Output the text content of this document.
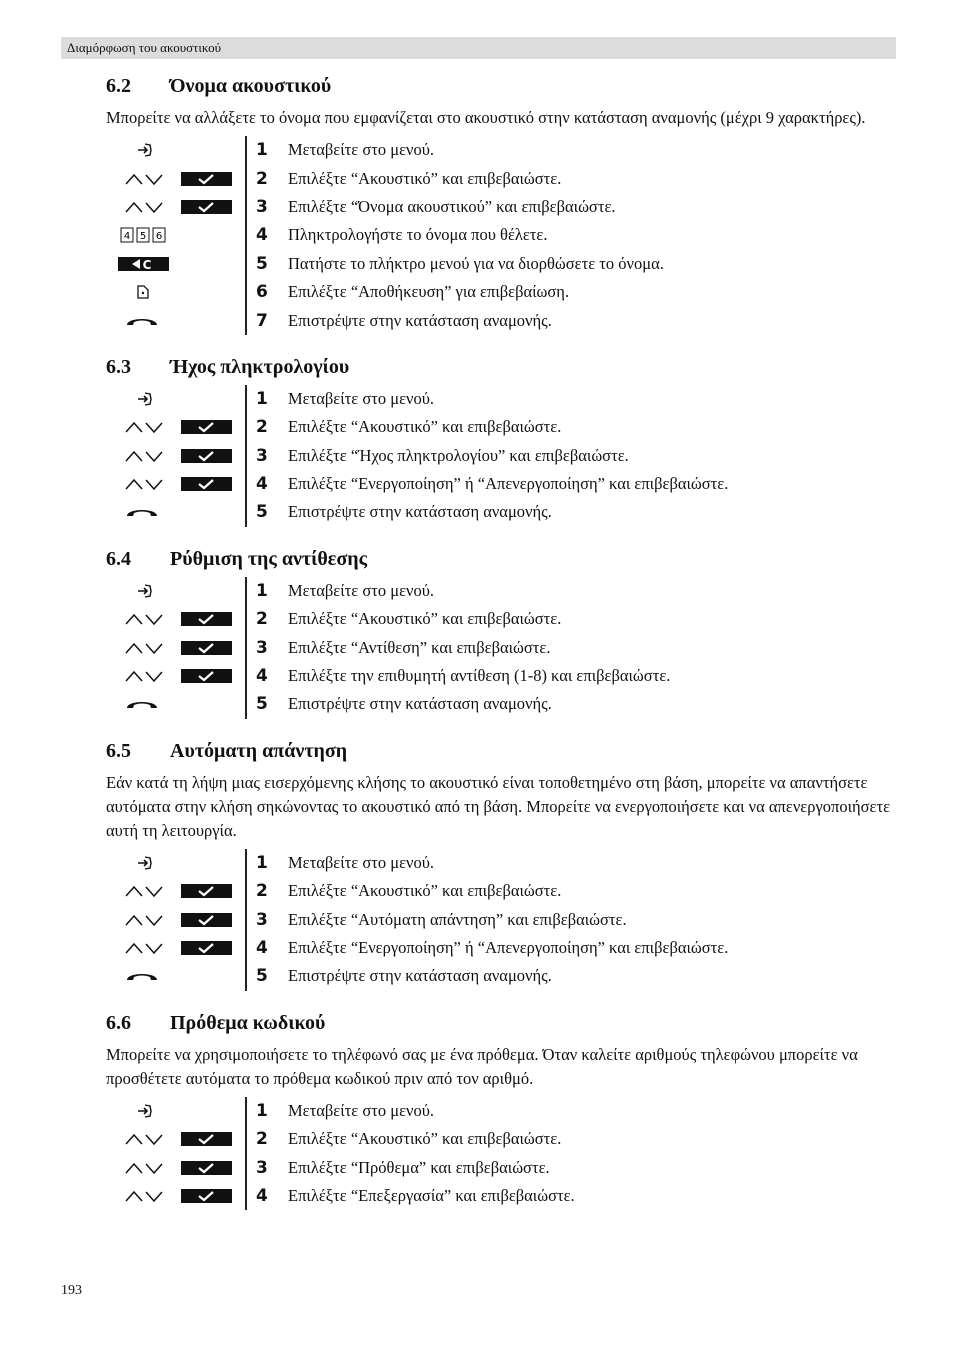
Διαμόρφωση του ακουστικού
6.2	Όνομα ακουστικού

Μπορείτε να αλλάξετε το όνομα που εμφανίζεται στο ακουστικό στην κατάσταση αναμονής (μέχρι 9 χαρακτήρες).

1	Μεταβείτε στο μενού.
2	Επιλέξτε “Ακουστικό” και επιβεβαιώστε.
3	Επιλέξτε “Όνομα ακουστικού” και επιβεβαιώστε.
4 5 6	4	Πληκτρολογήστε το όνομα που θέλετε.
C	5	Πατήστε το πλήκτρο μενού για να διορθώσετε το όνομα.
6	Επιλέξτε “Αποθήκευση” για επιβεβαίωση.
7	Επιστρέψτε στην κατάσταση αναμονής.
6.3	Ήχος πληκτρολογίου
1	Μεταβείτε στο μενού.
2	Επιλέξτε “Ακουστικό” και επιβεβαιώστε.
3	Επιλέξτε “Ήχος πληκτρολογίου” και επιβεβαιώστε.
4	Επιλέξτε “Ενεργοποίηση” ή “Απενεργοποίηση” και επιβεβαιώστε.
5	Επιστρέψτε στην κατάσταση αναμονής.
6.4	Ρύθμιση της αντίθεσης
1	Μεταβείτε στο μενού.
2	Επιλέξτε “Ακουστικό” και επιβεβαιώστε.
3	Επιλέξτε “Αντίθεση” και επιβεβαιώστε.
4	Επιλέξτε την επιθυμητή αντίθεση (1-8) και επιβεβαιώστε.
5	Επιστρέψτε στην κατάσταση αναμονής.
6.5	Αυτόματη απάντηση

Εάν κατά τη λήψη μιας εισερχόμενης κλήσης το ακουστικό είναι τοποθετημένο στη βάση, μπορείτε να απαντήσετε αυτόματα στην κλήση σηκώνοντας το ακουστικό από τη βάση. Μπορείτε να ενεργοποιήσετε και να απενεργοποιήσετε αυτή τη λειτουργία.

1	Μεταβείτε στο μενού.
2	Επιλέξτε “Ακουστικό” και επιβεβαιώστε.
3	Επιλέξτε “Αυτόματη απάντηση” και επιβεβαιώστε.
4	Επιλέξτε “Ενεργοποίηση” ή “Απενεργοποίηση” και επιβεβαιώστε.
5	Επιστρέψτε στην κατάσταση αναμονής.
6.6	Πρόθεμα κωδικού

Μπορείτε να χρησιμοποιήσετε το τηλέφωνό σας με ένα πρόθεμα. Όταν καλείτε αριθμούς τηλεφώνου μπορείτε να προσθέτετε αυτόματα το πρόθεμα κωδικού πριν από τον αριθμό.

1	Μεταβείτε στο μενού.
2	Επιλέξτε “Ακουστικό” και επιβεβαιώστε.
3	Επιλέξτε “Πρόθεμα” και επιβεβαιώστε.
4	Επιλέξτε “Επεξεργασία” και επιβεβαιώστε.
193
